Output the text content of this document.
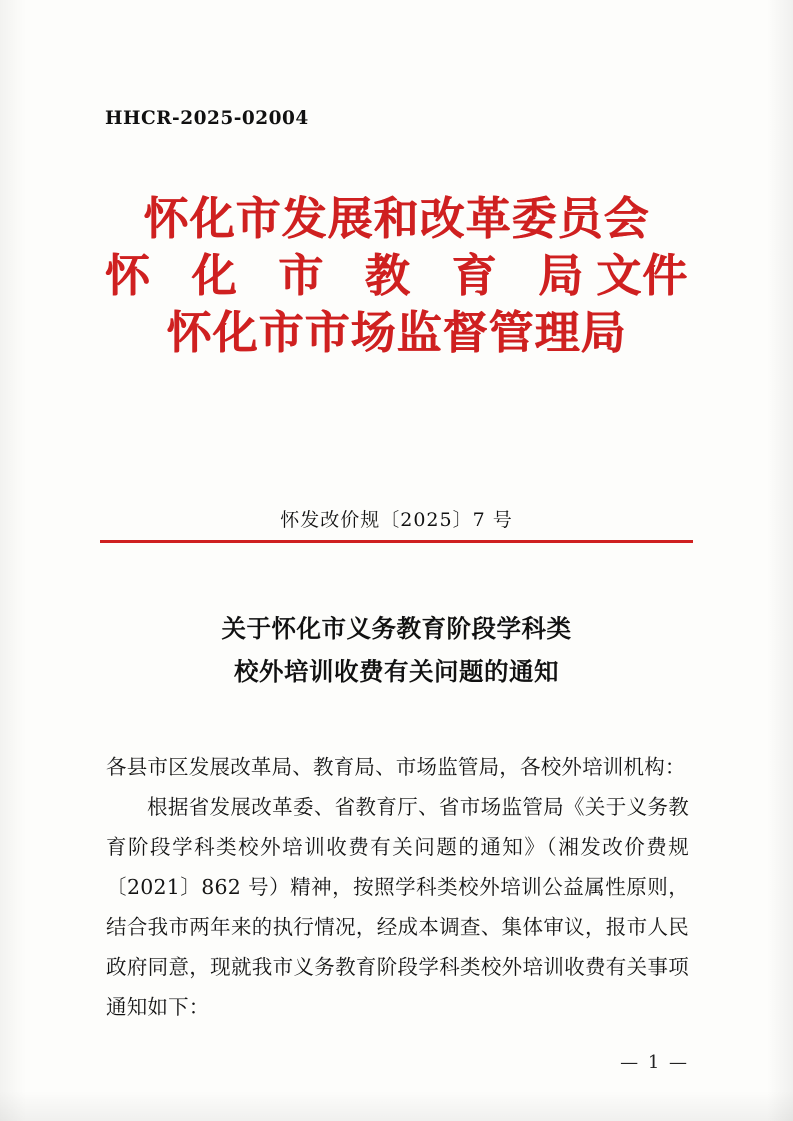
HHCR-2025-02004
怀化市发展和改革委员会
怀 化 市 教 育 局文件
怀化市市场监督管理局
怀发改价规〔2025〕7 号
关于怀化市义务教育阶段学科类
校外培训收费有关问题的通知
各县市区发展改革局、教育局、市场监管局，各校外培训机构：
根据省发展改革委、省教育厅、省市场监管局《关于义务教育阶段学科类校外培训收费有关问题的通知》（湘发改价费规〔2021〕862 号）精神，按照学科类校外培训公益属性原则，结合我市两年来的执行情况，经成本调查、集体审议，报市人民政府同意，现就我市义务教育阶段学科类校外培训收费有关事项通知如下：
— 1 —
